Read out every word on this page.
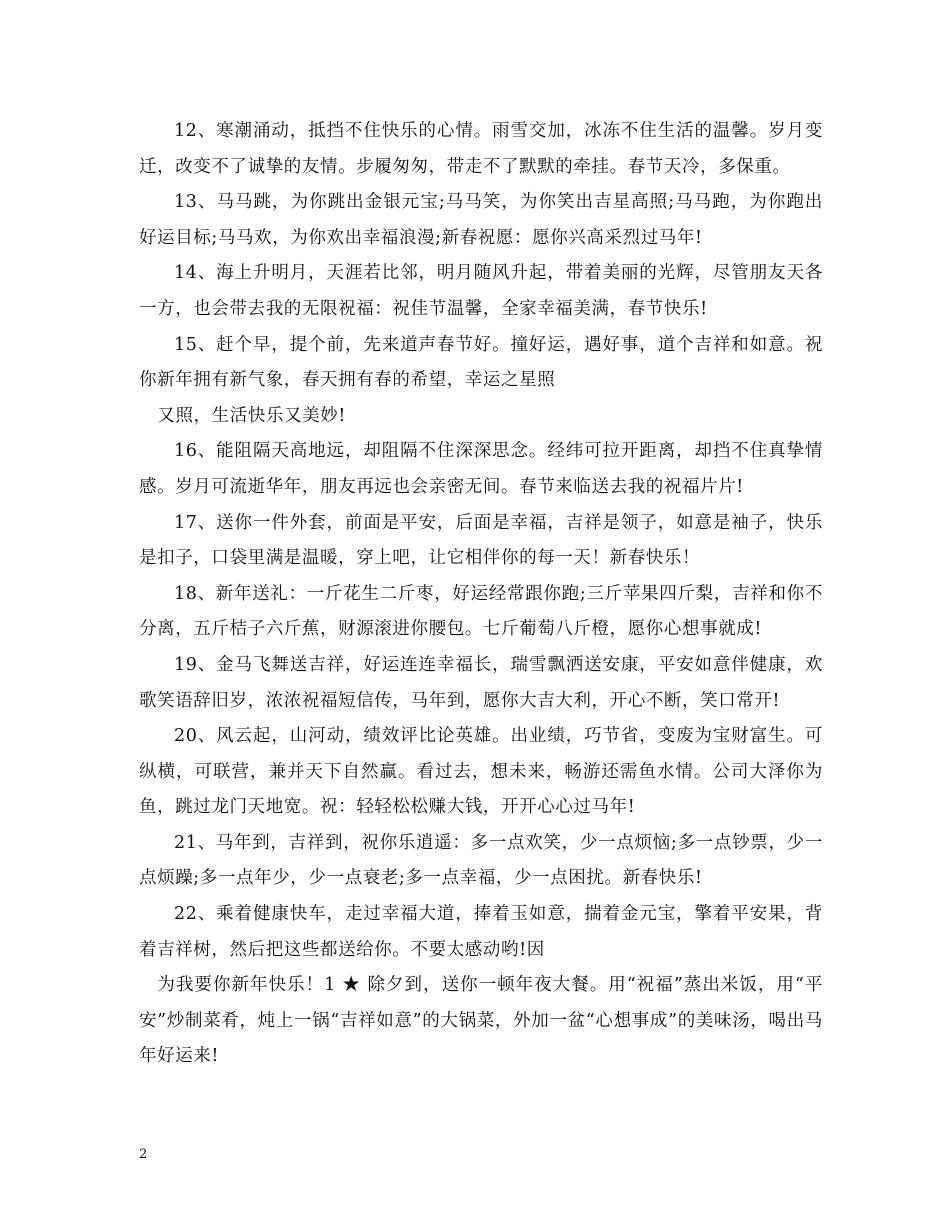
12、寒潮涌动，抵挡不住快乐的心情。雨雪交加，冰冻不住生活的温馨。岁月变迁，改变不了诚挚的友情。步履匆匆，带走不了默默的牵挂。春节天冷，多保重。

13、马马跳，为你跳出金银元宝;马马笑，为你笑出吉星高照;马马跑，为你跑出好运目标;马马欢，为你欢出幸福浪漫;新春祝愿：愿你兴高采烈过马年!

14、海上升明月，天涯若比邻，明月随风升起，带着美丽的光辉，尽管朋友天各一方，也会带去我的无限祝福：祝佳节温馨，全家幸福美满，春节快乐!

15、赶个早，提个前，先来道声春节好。撞好运，遇好事，道个吉祥和如意。祝你新年拥有新气象，春天拥有春的希望，幸运之星照

又照，生活快乐又美妙!

16、能阻隔天高地远，却阻隔不住深深思念。经纬可拉开距离，却挡不住真挚情感。岁月可流逝华年，朋友再远也会亲密无间。春节来临送去我的祝福片片!

17、送你一件外套，前面是平安，后面是幸福，吉祥是领子，如意是袖子，快乐是扣子，口袋里满是温暖，穿上吧，让它相伴你的每一天！新春快乐！

18、新年送礼：一斤花生二斤枣，好运经常跟你跑;三斤苹果四斤梨，吉祥和你不分离，五斤桔子六斤蕉，财源滚进你腰包。七斤葡萄八斤橙，愿你心想事就成!

19、金马飞舞送吉祥，好运连连幸福长，瑞雪飘洒送安康，平安如意伴健康，欢歌笑语辞旧岁，浓浓祝福短信传，马年到，愿你大吉大利，开心不断，笑口常开!

20、风云起，山河动，绩效评比论英雄。出业绩，巧节省，变废为宝财富生。可纵横，可联营，兼并天下自然赢。看过去，想未来，畅游还需鱼水情。公司大泽你为鱼，跳过龙门天地宽。祝：轻轻松松赚大钱，开开心心过马年!

21、马年到，吉祥到，祝你乐逍遥：多一点欢笑，少一点烦恼;多一点钞票，少一点烦躁;多一点年少，少一点衰老;多一点幸福，少一点困扰。新春快乐!

22、乘着健康快车，走过幸福大道，捧着玉如意，揣着金元宝，擎着平安果，背着吉祥树，然后把这些都送给你。不要太感动哟!因

为我要你新年快乐！1 ★ 除夕到，送你一顿年夜大餐。用“祝福”蒸出米饭，用“平安”炒制菜肴，炖上一锅“吉祥如意”的大锅菜，外加一盆“心想事成”的美味汤，喝出马年好运来!

2
